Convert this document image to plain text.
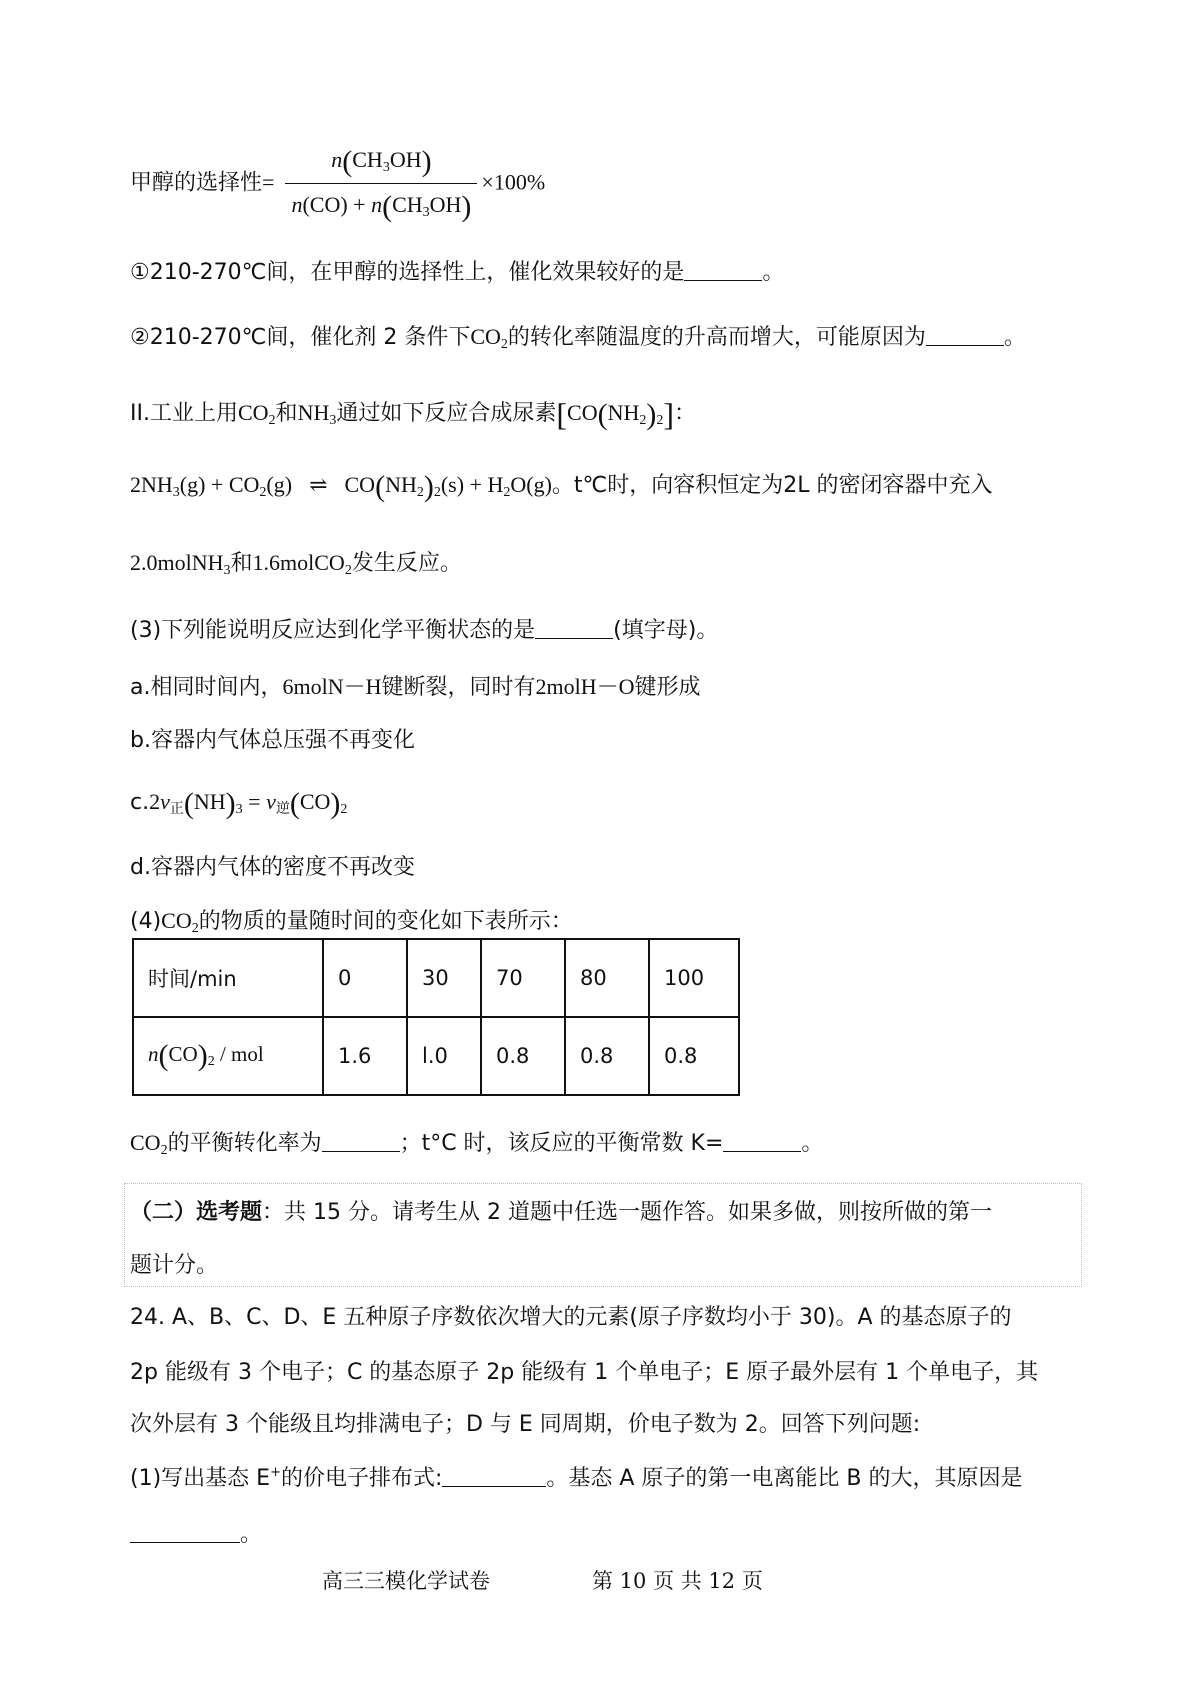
甲醇的选择性= $\frac{n(CH_3OH)}{n(CO) + n(CH_3OH)} \times 100\%$
①210-270℃间，在甲醇的选择性上，催化效果较好的是	。
②210-270℃间，催化剂 2 条件下$CO_2$的转化率随温度的升高而增大，可能原因为	。
II.工业上用$CO_2$和$NH_3$通过如下反应合成尿素$[CO(NH_2)_2]$：
$2NH_3(g) + CO_2(g)$ ⇌ $CO(NH_2)_2(s) + H_2O(g)$。t℃时，向容积恒定为2L 的密闭容器中充入
2.0molNH$_3$和1.6molCO$_2$发生反应。
(3)下列能说明反应达到化学平衡状态的是	(填字母)。
a.相同时间内，6molN－H键断裂，同时有2molH－O键形成
b.容器内气体总压强不再变化
$c.2v_正(NH)_3 = v_逆(CO)_2$
d.容器内气体的密度不再改变
$(4)CO_2$的物质的量随时间的变化如下表所示：
时间/min	0	30	70	80	100
$n(CO)_2$ / mol	1.6	l.0	0.8	0.8	0.8
$CO_2$的平衡转化率为	；t°C 时，该反应的平衡常数 K=	。
（二）选考题：共 15 分。请考生从 2 道题中任选一题作答。如果多做，则按所做的第一
题计分。
24. A、B、C、D、E 五种原子序数依次增大的元素(原子序数均小于 30)。A 的基态原子的
2p 能级有 3 个电子；C 的基态原子 2p 能级有 1 个单电子；E 原子最外层有 1 个单电子，其
次外层有 3 个能级且均排满电子；D 与 E 同周期，价电子数为 2。回答下列问题:
(1)写出基态 E+的价电子排布式:	。基态 A 原子的第一电离能比 B 的大，其原因是
。
高三三模化学试卷	第 10 页 共 12 页
